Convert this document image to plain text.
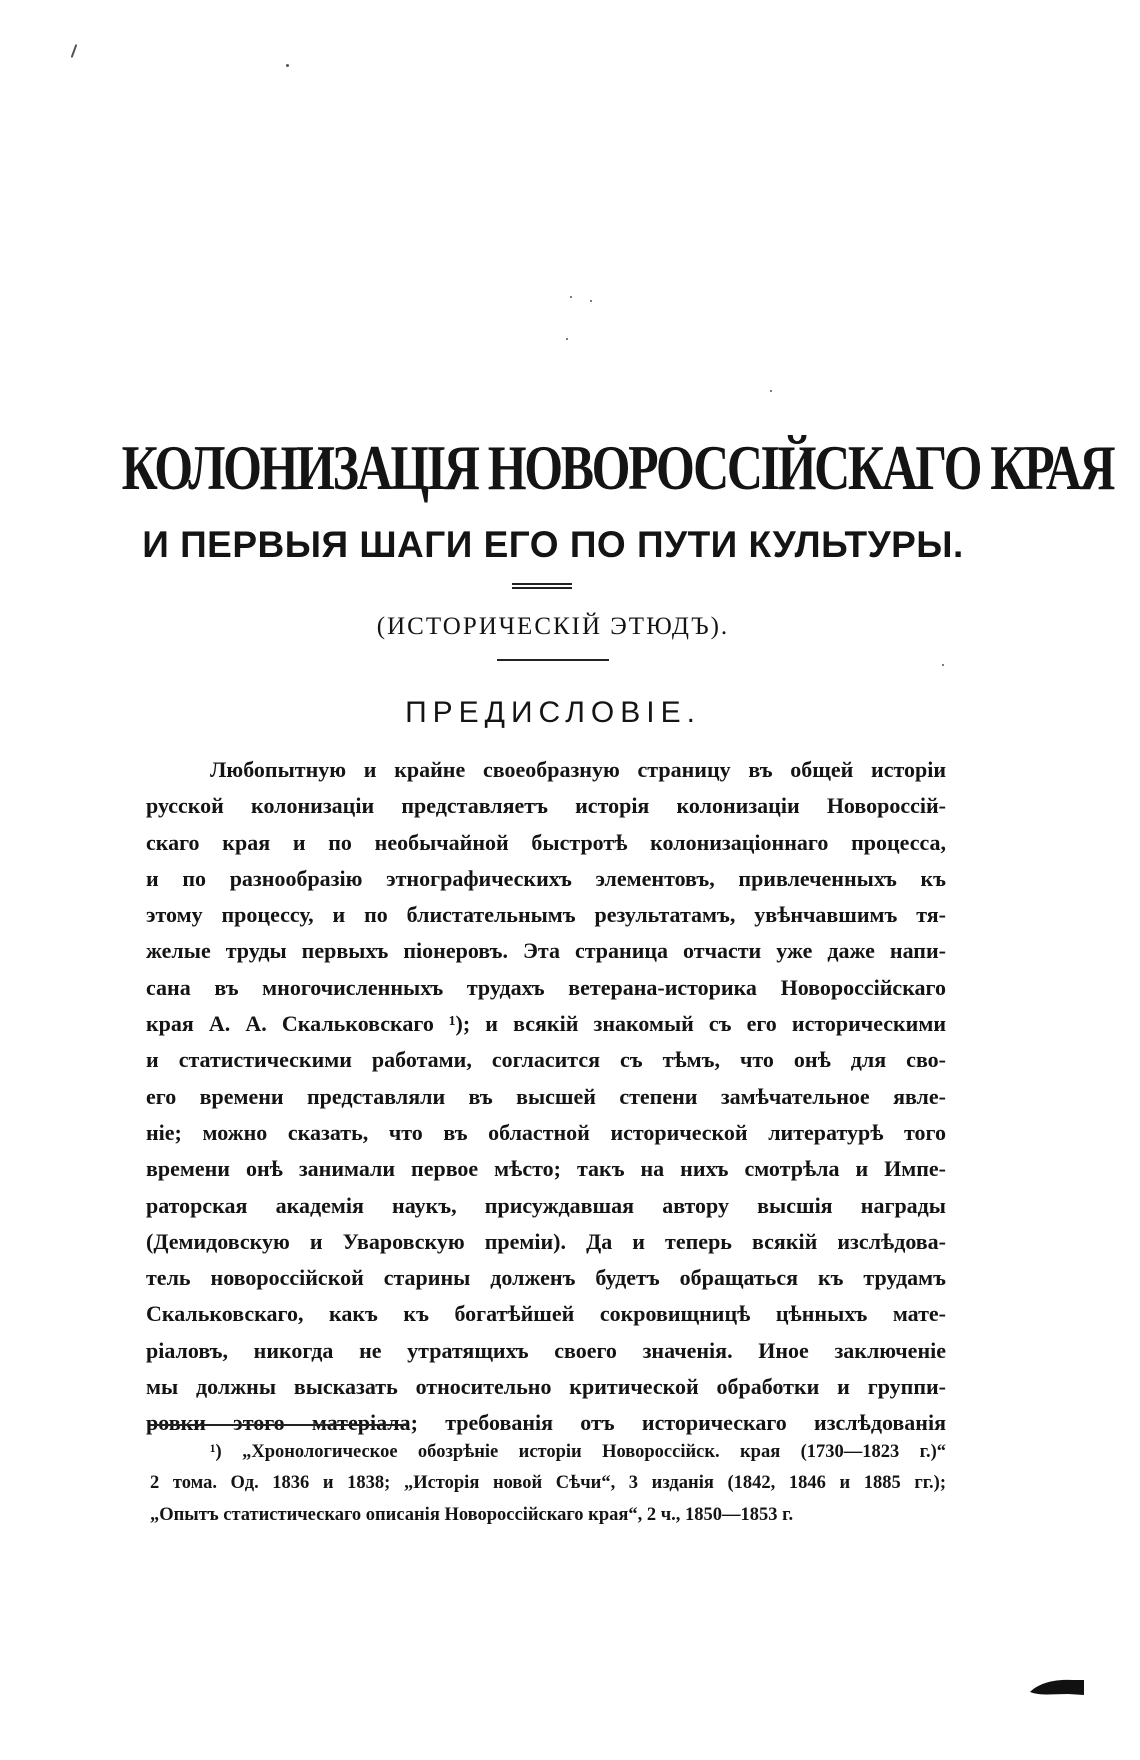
КОЛОНИЗАЦІЯ НОВОРОССІЙСКАГО КРАЯ
И ПЕРВЫЯ ШАГИ ЕГО ПО ПУТИ КУЛЬТУРЫ.
(ИСТОРИЧЕСКІЙ ЭТЮДЪ).
ПРЕДИСЛОВІЕ.
Любопытную и крайне своеобразную страницу въ общей исторіи
русской колонизаціи представляетъ исторія колонизаціи Новороссій-
скаго края и по необычайной быстротѣ колонизаціоннаго процесса,
и по разнообразію этнографическихъ элементовъ, привлеченныхъ къ
этому процессу, и по блистательнымъ результатамъ, увѣнчавшимъ тя-
желые труды первыхъ піонеровъ. Эта страница отчасти уже даже напи-
сана въ многочисленныхъ трудахъ ветерана-историка Новороссійскаго
края А. А. Скальковскаго ¹); и всякій знакомый съ его историческими
и статистическими работами, согласится съ тѣмъ, что онѣ для сво-
его времени представляли въ высшей степени замѣчательное явле-
ніе; можно сказать, что въ областной исторической литературѣ того
времени онѣ занимали первое мѣсто; такъ на нихъ смотрѣла и Импе-
раторская академія наукъ, присуждавшая автору высшія награды
(Демидовскую и Уваровскую преміи). Да и теперь всякій изслѣдова-
тель новороссійской старины долженъ будетъ обращаться къ трудамъ
Скальковскаго, какъ къ богатѣйшей сокровищницѣ цѣнныхъ мате-
ріаловъ, никогда не утратящихъ своего значенія. Иное заключеніе
мы должны высказать относительно критической обработки и группи-
ровки этого матеріала; требованія отъ историческаго изслѣдованія
¹) „Хронологическое обозрѣніе исторіи Новороссійск. края (1730—1823 г.)“
2 тома. Од. 1836 и 1838; „Исторія новой Сѣчи“, 3 изданія (1842, 1846 и 1885 гг.);
„Опытъ статистическаго описанія Новороссійскаго края“, 2 ч., 1850—1853 г.
